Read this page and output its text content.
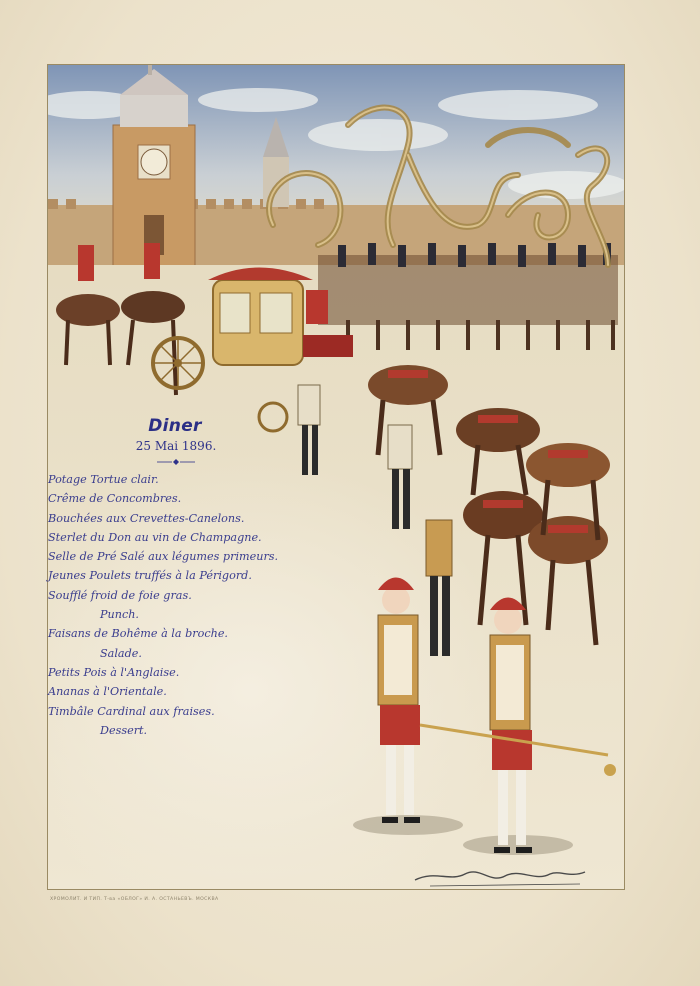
Diner
25 Mai 1896.
Potage Tortue clair.
Crême de Concombres.
Bouchées aux Crevettes-Canelons.
Sterlet du Don au vin de Champagne.
Selle de Pré Salé aux légumes primeurs.
Jeunes Poulets truffés à la Périgord.
Soufflé froid de foie gras.
Punch.
Faisans de Bohême à la broche.
Salade.
Petits Pois à l'Anglaise.
Ananas à l'Orientale.
Timbâle Cardinal aux fraises.
Dessert.
ХРОМОЛИТ. И ТИП. Т-ва «ОБЛОГ» И. А. ОСТАНЬЕВЪ. МОСКВА
